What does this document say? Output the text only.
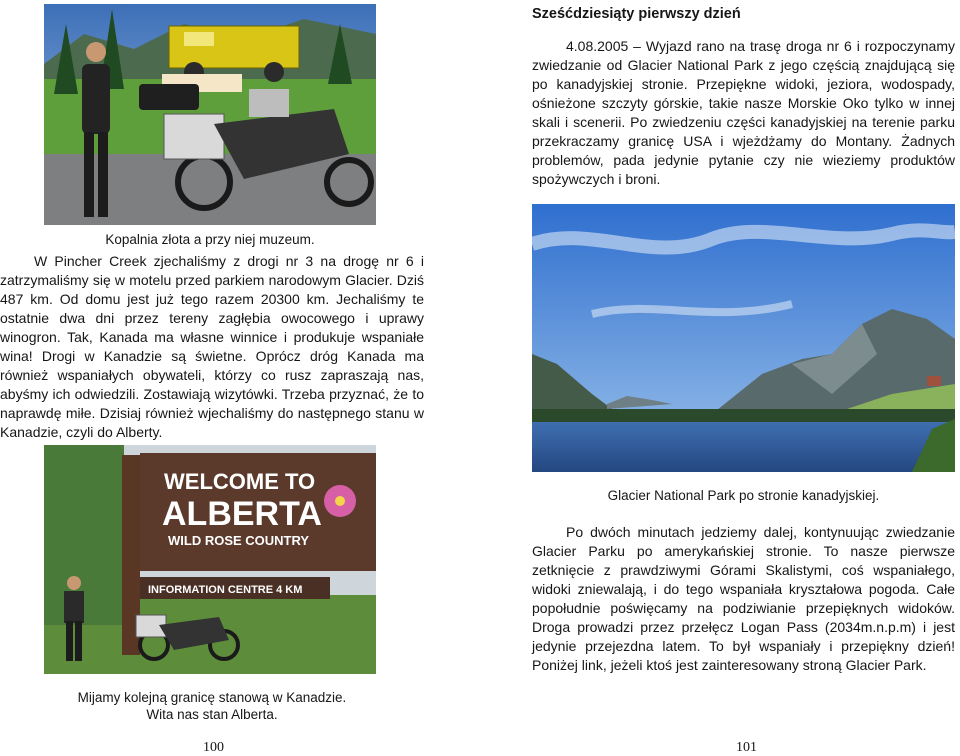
Kopalnia złota a przy niej muzeum.

W Pincher Creek zjechaliśmy z drogi nr 3 na drogę nr 6 i zatrzymaliśmy się w motelu przed parkiem narodowym Glacier. Dziś 487 km. Od domu jest już tego razem 20300 km. Jechaliśmy te ostatnie dwa dni przez tereny zagłębia owocowego i uprawy winogron. Tak, Kanada ma własne winnice i produkuje wspaniałe wina! Drogi w Kanadzie są świetne. Oprócz dróg Kanada ma również wspaniałych obywateli, którzy co rusz zapraszają nas, abyśmy ich odwiedzili. Zostawiają wizytówki. Trzeba przyznać, że to naprawdę miłe. Dzisiaj również wjechaliśmy do następnego stanu w Kanadzie, czyli do Alberty.

WELCOME TO
ALBERTA
WILD ROSE COUNTRY
INFORMATION CENTRE 4 KM
Mijamy kolejną granicę stanową w Kanadzie.
Wita nas stan Alberta.
100
Sześćdziesiąty pierwszy dzień

4.08.2005 – Wyjazd rano na trasę droga nr 6 i rozpoczynamy zwiedzanie od Glacier National Park z jego częścią znajdującą się po kanadyjskiej stronie. Przepiękne widoki, jeziora, wodospady, ośnieżone szczyty górskie, takie nasze Morskie Oko tylko w innej skali i scenerii. Po zwiedzeniu części kanadyjskiej na terenie parku przekraczamy granicę USA i wjeżdżamy do Montany. Żadnych problemów, pada jedynie pytanie czy nie wieziemy produktów spożywczych i broni.

Glacier National Park po stronie kanadyjskiej.

Po dwóch minutach jedziemy dalej, kontynuując zwiedzanie Glacier Parku po amerykańskiej stronie. To nasze pierwsze zetknięcie z prawdziwymi Górami Skalistymi, coś wspaniałego, widoki zniewalają, i do tego wspaniała kryształowa pogoda. Całe popołudnie poświęcamy na podziwianie przepięknych widoków. Droga prowadzi przez przełęcz Logan Pass (2034m.n.p.m) i jest jedynie przejezdna latem. To był wspaniały i przepiękny dzień! Poniżej link, jeżeli ktoś jest zainteresowany stroną Glacier Park.

101
